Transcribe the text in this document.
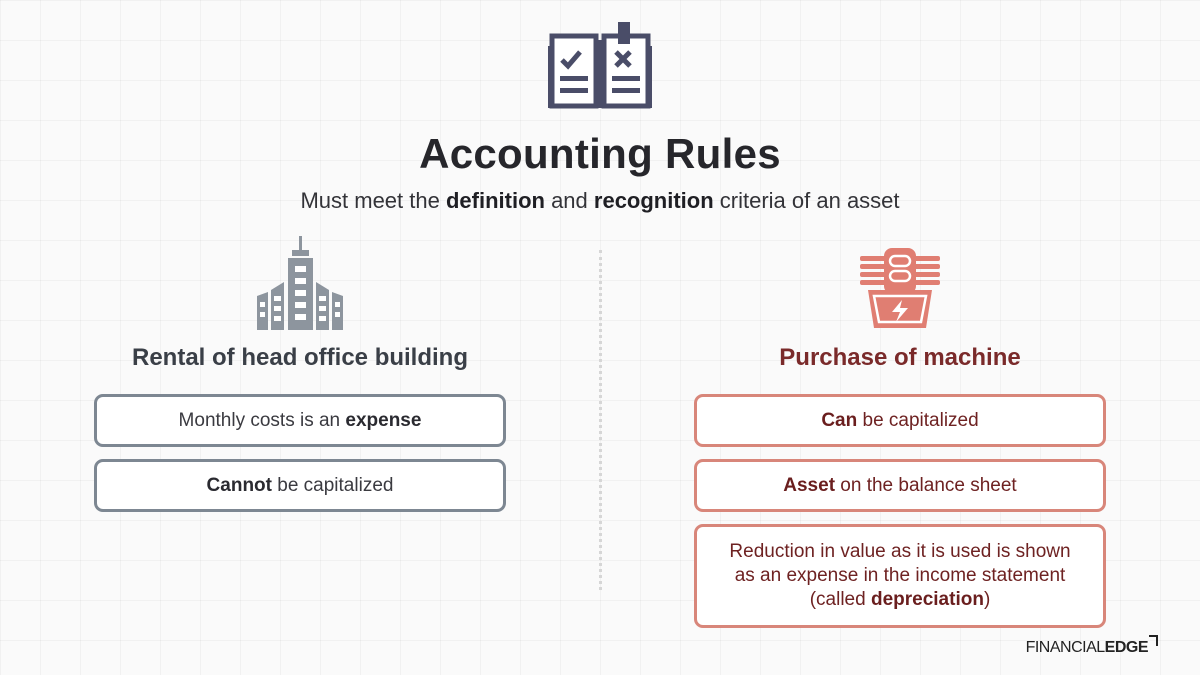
Accounting Rules
Must meet the definition and recognition criteria of an asset
Rental of head office building
Monthly costs is an expense
Cannot be capitalized
Purchase of machine
Can be capitalized
Asset on the balance sheet
Reduction in value as it is used is shown as an expense in the income statement (called depreciation)
FINANCIALEDGE
